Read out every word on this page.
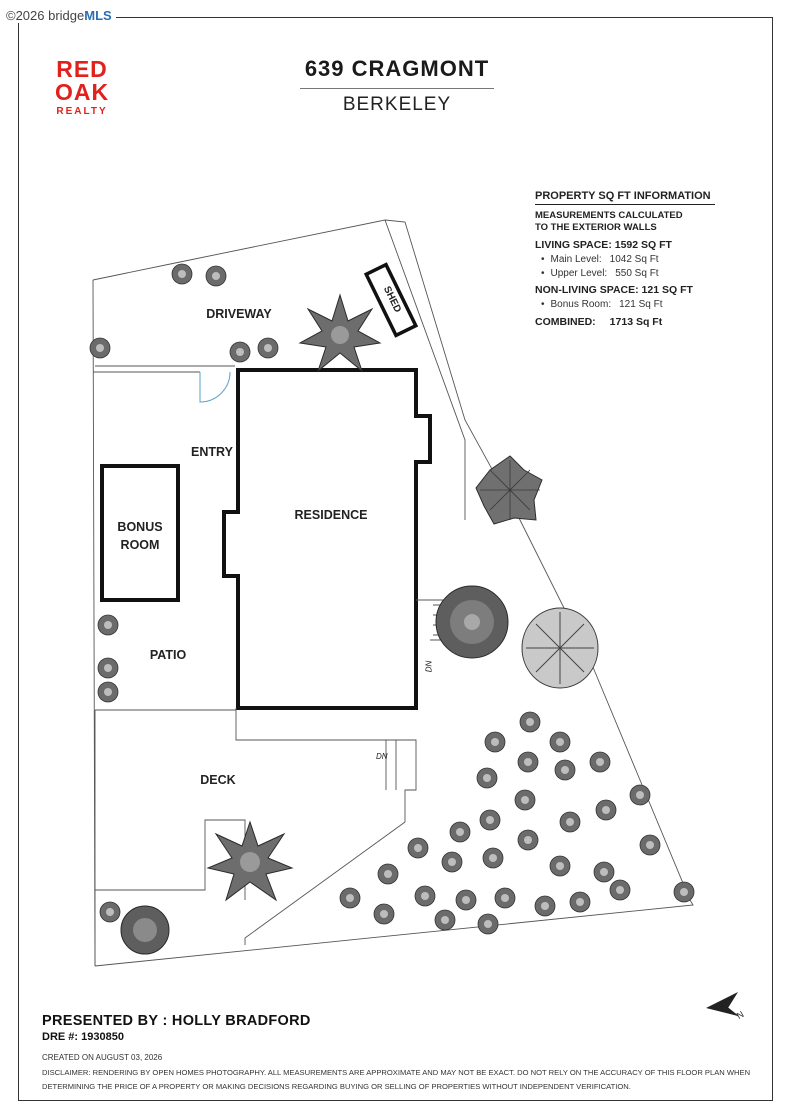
©2026 bridge MLS
RED
OAK
REALTY
639 CRAGMONT
BERKELEY
PROPERTY SQ FT INFORMATION
MEASUREMENTS CALCULATED
TO THE EXTERIOR WALLS
LIVING SPACE: 1592 SQ FT
• Main Level: 1042 Sq Ft
• Upper Level: 550 Sq Ft
NON-LIVING SPACE: 121 SQ FT
• Bonus Room: 121 Sq Ft
COMBINED: 1713 Sq Ft
N
DRIVEWAY	SHED
ENTRY
RESIDENCE
BONUS
ROOM
PATIO
DECK
DN
DN
PRESENTED BY : HOLLY BRADFORD
DRE #: 1930850
CREATED ON AUGUST 03, 2026
DISCLAIMER: RENDERING BY OPEN HOMES PHOTOGRAPHY. ALL MEASUREMENTS ARE APPROXIMATE AND MAY NOT BE EXACT. DO NOT RELY ON THE ACCURACY OF THIS FLOOR PLAN WHEN DETERMINING THE PRICE OF A PROPERTY OR MAKING DECISIONS REGARDING BUYING OR SELLING OF PROPERTIES WITHOUT INDEPENDENT VERIFICATION.
